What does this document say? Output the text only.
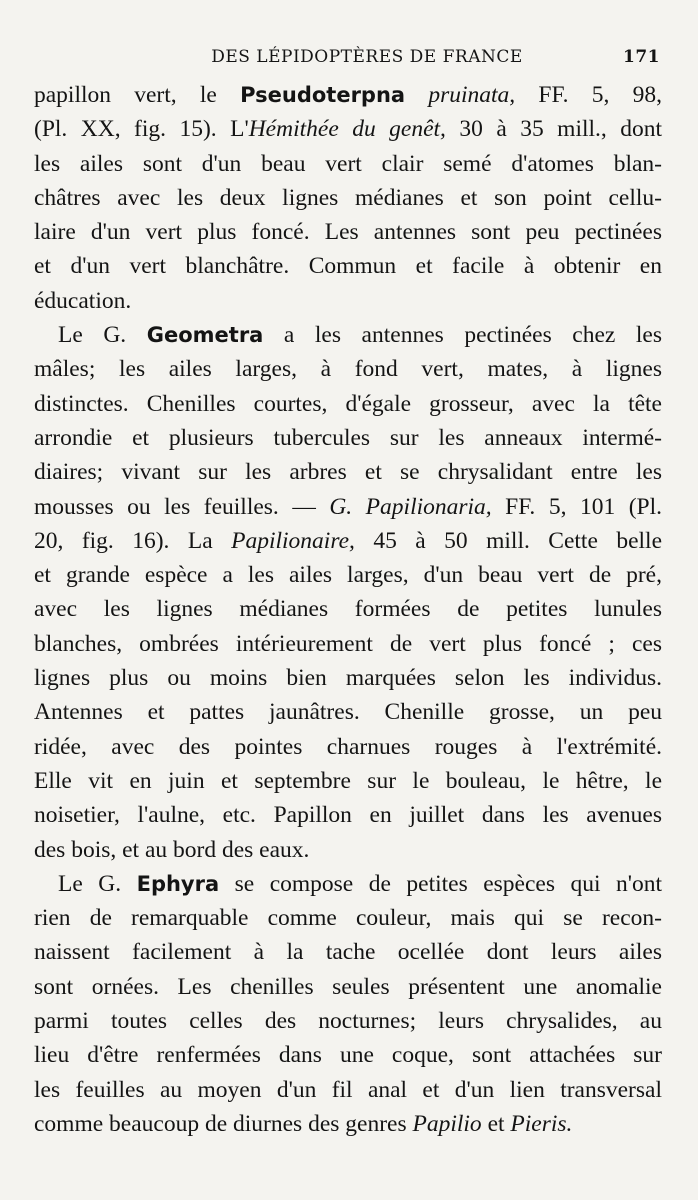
DES LÉPIDOPTÈRES DE FRANCE	171
papillon vert, le Pseudoterpna pruinata, FF. 5, 98,
(Pl. XX, fig. 15). L'Hémithée du genêt, 30 à 35 mill., dont
les ailes sont d'un beau vert clair semé d'atomes blan-
châtres avec les deux lignes médianes et son point cellu-
laire d'un vert plus foncé. Les antennes sont peu pectinées
et d'un vert blanchâtre. Commun et facile à obtenir en
éducation.
Le G. Geometra a les antennes pectinées chez les
mâles; les ailes larges, à fond vert, mates, à lignes
distinctes. Chenilles courtes, d'égale grosseur, avec la tête
arrondie et plusieurs tubercules sur les anneaux intermé-
diaires; vivant sur les arbres et se chrysalidant entre les
mousses ou les feuilles. — G. Papilionaria, FF. 5, 101 (Pl.
20, fig. 16). La Papilionaire, 45 à 50 mill. Cette belle
et grande espèce a les ailes larges, d'un beau vert de pré,
avec les lignes médianes formées de petites lunules
blanches, ombrées intérieurement de vert plus foncé ; ces
lignes plus ou moins bien marquées selon les individus.
Antennes et pattes jaunâtres. Chenille grosse, un peu
ridée, avec des pointes charnues rouges à l'extrémité.
Elle vit en juin et septembre sur le bouleau, le hêtre, le
noisetier, l'aulne, etc. Papillon en juillet dans les avenues
des bois, et au bord des eaux.
Le G. Ephyra se compose de petites espèces qui n'ont
rien de remarquable comme couleur, mais qui se recon-
naissent facilement à la tache ocellée dont leurs ailes
sont ornées. Les chenilles seules présentent une anomalie
parmi toutes celles des nocturnes; leurs chrysalides, au
lieu d'être renfermées dans une coque, sont attachées sur
les feuilles au moyen d'un fil anal et d'un lien transversal
comme beaucoup de diurnes des genres Papilio et Pieris.
